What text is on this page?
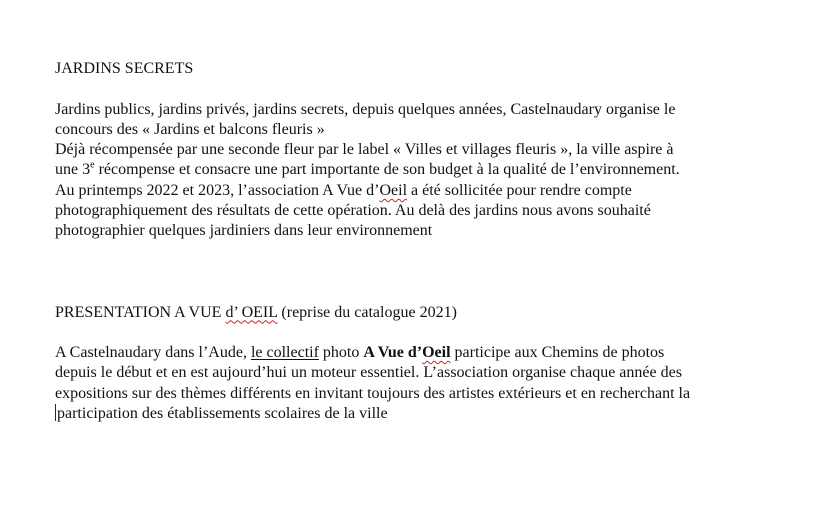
JARDINS SECRETS

Jardins publics, jardins privés, jardins secrets, depuis quelques années, Castelnaudary organise le

concours des « Jardins et balcons fleuris »

Déjà récompensée par une seconde fleur par le label « Villes et villages fleuris », la ville aspire à

une 3e récompense et consacre une part importante de son budget à la qualité de l’environnement.

Au printemps 2022 et 2023, l’association A Vue d’Oeil a été sollicitée pour rendre compte

photographiquement des résultats de cette opération. Au delà des jardins nous avons souhaité

photographier quelques jardiniers dans leur environnement

PRESENTATION A VUE d’ OEIL (reprise du catalogue 2021)

A Castelnaudary dans l’Aude, le collectif photo A Vue d’Oeil participe aux Chemins de photos

depuis le début et en est aujourd’hui un moteur essentiel. L’association organise chaque année des

expositions sur des thèmes différents en invitant toujours des artistes extérieurs et en recherchant la

participation des établissements scolaires de la ville
